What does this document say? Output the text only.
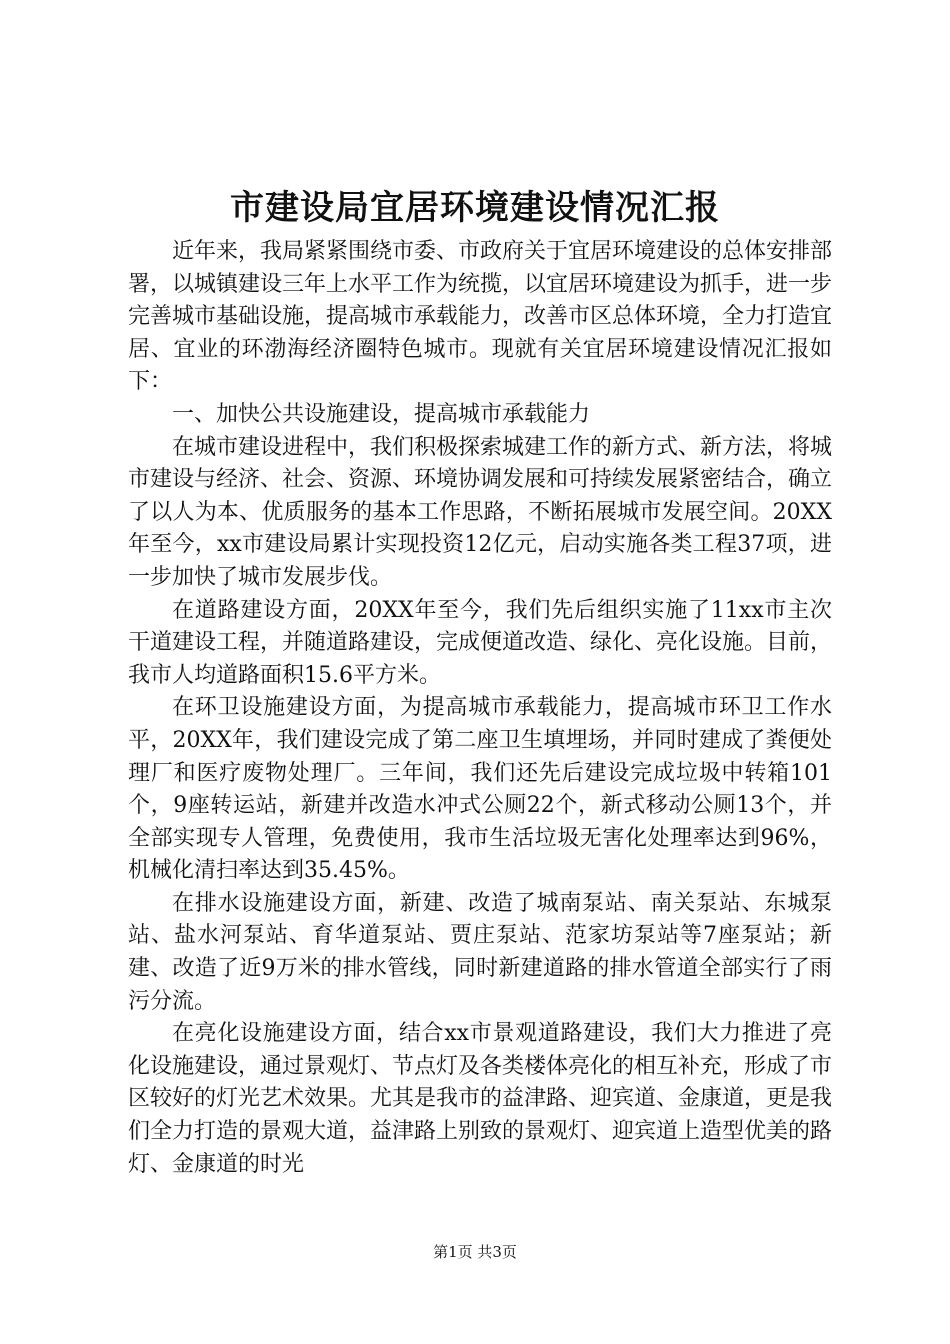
市建设局宜居环境建设情况汇报

近年来，我局紧紧围绕市委、市政府关于宜居环境建设的总体安排部署，以城镇建设三年上水平工作为统揽，以宜居环境建设为抓手，进一步完善城市基础设施，提高城市承载能力，改善市区总体环境，全力打造宜居、宜业的环渤海经济圈特色城市。现就有关宜居环境建设情况汇报如下：

一、加快公共设施建设，提高城市承载能力

在城市建设进程中，我们积极探索城建工作的新方式、新方法，将城市建设与经济、社会、资源、环境协调发展和可持续发展紧密结合，确立了以人为本、优质服务的基本工作思路，不断拓展城市发展空间。20XX年至今，xx市建设局累计实现投资12亿元，启动实施各类工程37项，进一步加快了城市发展步伐。

在道路建设方面，20XX年至今，我们先后组织实施了11xx市主次干道建设工程，并随道路建设，完成便道改造、绿化、亮化设施。目前，我市人均道路面积15.6平方米。

在环卫设施建设方面，为提高城市承载能力，提高城市环卫工作水平，20XX年，我们建设完成了第二座卫生填埋场，并同时建成了粪便处理厂和医疗废物处理厂。三年间，我们还先后建设完成垃圾中转箱101个，9座转运站，新建并改造水冲式公厕22个，新式移动公厕13个，并全部实现专人管理，免费使用，我市生活垃圾无害化处理率达到96%，机械化清扫率达到35.45%。

在排水设施建设方面，新建、改造了城南泵站、南关泵站、东城泵站、盐水河泵站、育华道泵站、贾庄泵站、范家坊泵站等7座泵站；新建、改造了近9万米的排水管线，同时新建道路的排水管道全部实行了雨污分流。

在亮化设施建设方面，结合xx市景观道路建设，我们大力推进了亮化设施建设，通过景观灯、节点灯及各类楼体亮化的相互补充，形成了市区较好的灯光艺术效果。尤其是我市的益津路、迎宾道、金康道，更是我们全力打造的景观大道，益津路上别致的景观灯、迎宾道上造型优美的路灯、金康道的时光

第1页 共3页
